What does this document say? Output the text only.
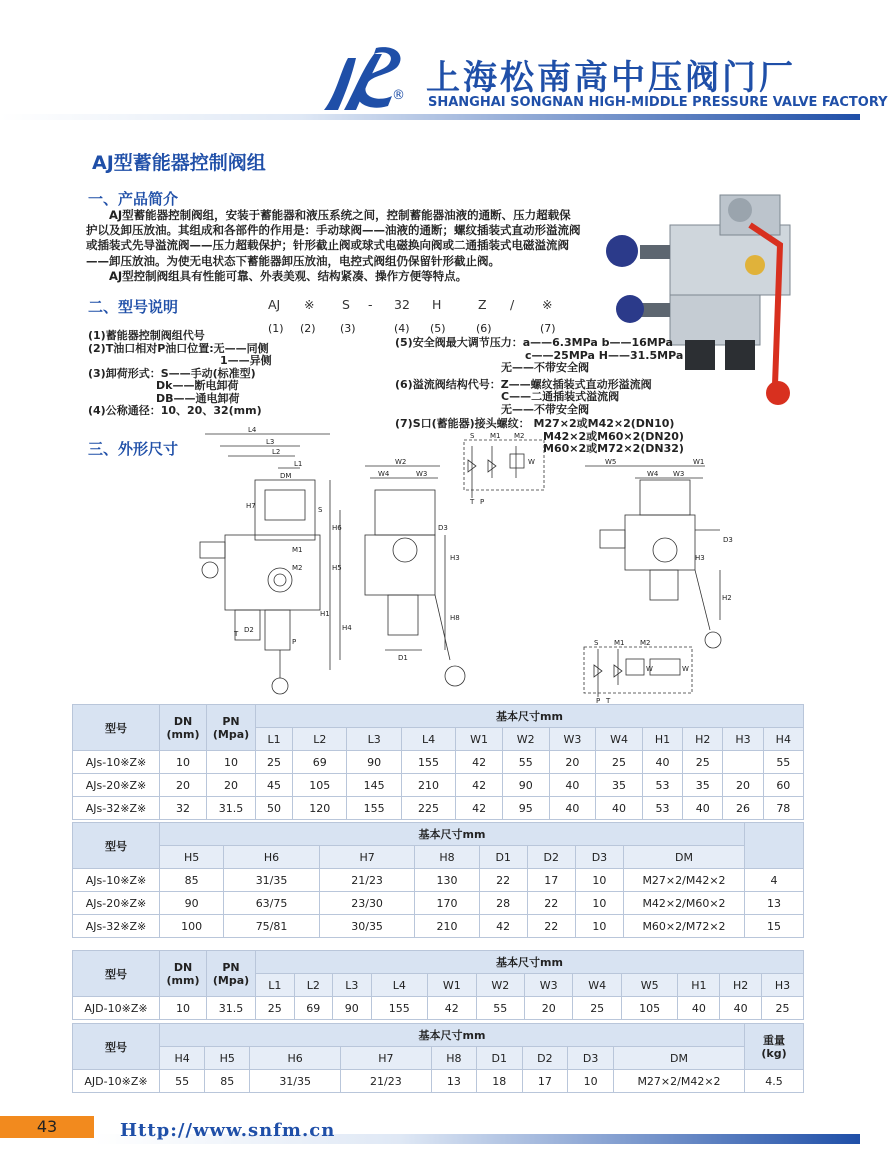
® 上海松南高中压阀门厂
SHANGHAI SONGNAN HIGH-MIDDLE PRESSURE VALVE FACTORY
AJ型蓄能器控制阀组
一、产品简介

AJ型蓄能器控制阀组，安装于蓄能器和液压系统之间，控制蓄能器油液的通断、压力超载保护以及卸压放油。其组成和各部件的作用是：手动球阀——油液的通断；螺纹插装式直动形溢流阀或插装式先导溢流阀——压力超载保护；针形截止阀或球式电磁换向阀或二通插装式电磁溢流阀——卸压放油。为使无电状态下蓄能器卸压放油，电控式阀组仍保留针形截止阀。

AJ型控制阀组具有性能可靠、外表美观、结构紧凑、操作方便等特点。

二、型号说明	AJ ※ S - 32 H	Z / ※
(1) (2) (3)	(4) (5)	(6)	(7)
(1)蓄能器控制阀组代号
(2)T油口相对P油口位置:无——同侧
1——异侧
(3)卸荷形式：S——手动(标准型)
Dk——断电卸荷
DB——通电卸荷
(4)公称通径：10、20、32(mm)
(5)安全阀最大调节压力：a——6.3MPa b——16MPa
c——25MPa H——31.5MPa
无——不带安全阀
(6)溢流阀结构代号：Z——螺纹插装式直动形溢流阀
C——二通插装式溢流阀
无——不带安全阀
(7)S口(蓄能器)接头螺纹： M27×2或M42×2(DN10)
M42×2或M60×2(DN20)
M60×2或M72×2(DN32)
三、外形尺寸
L4
L3
L2
L1
DM
H7	S
M1
M2
H6
H5
H4
H1
D2
T
P
W2
W4	W3
D3
H3
H8
D1
S M1 M2
W
T P
W5
W4 W3
W1
D3
H2
H3
S M1 M2
W	W
P T
型号	DN
(mm)	PN
(Mpa)	基本尺寸mm											
			L1	L2	L3	L4	W1	W2	W3	W4	H1	H2	H3	H4
AJs-10※Z※	10	10	25	69	90	155	42	55	20	25	40	25		55
AJs-20※Z※	20	20	45	105	145	210	42	90	40	35	53	35	20	60
AJs-32※Z※	32	31.5	50	120	155	225	42	95	40	40	53	40	26	78
型号	基本尺寸mm								
	H5	H6	H7	H8	D1	D2	D3	DM	
AJs-10※Z※	85	31/35	21/23	130	22	17	10	M27×2/M42×2	4
AJs-20※Z※	90	63/75	23/30	170	28	22	10	M42×2/M60×2	13
AJs-32※Z※	100	75/81	30/35	210	42	22	10	M60×2/M72×2	15
型号	DN
(mm)	PN
(Mpa)	基本尺寸mm											
			L1	L2	L3	L4	W1	W2	W3	W4	W5	H1	H2	H3
AJD-10※Z※	10	31.5	25	69	90	155	42	55	20	25	105	40	40	25
型号	基本尺寸mm									重量
(kg)
	H4	H5	H6	H7	H8	D1	D2	D3	DM	
AJD-10※Z※	55	85	31/35	21/23	13	18	17	10	M27×2/M42×2	4.5
43	Http://www.snfm.cn
